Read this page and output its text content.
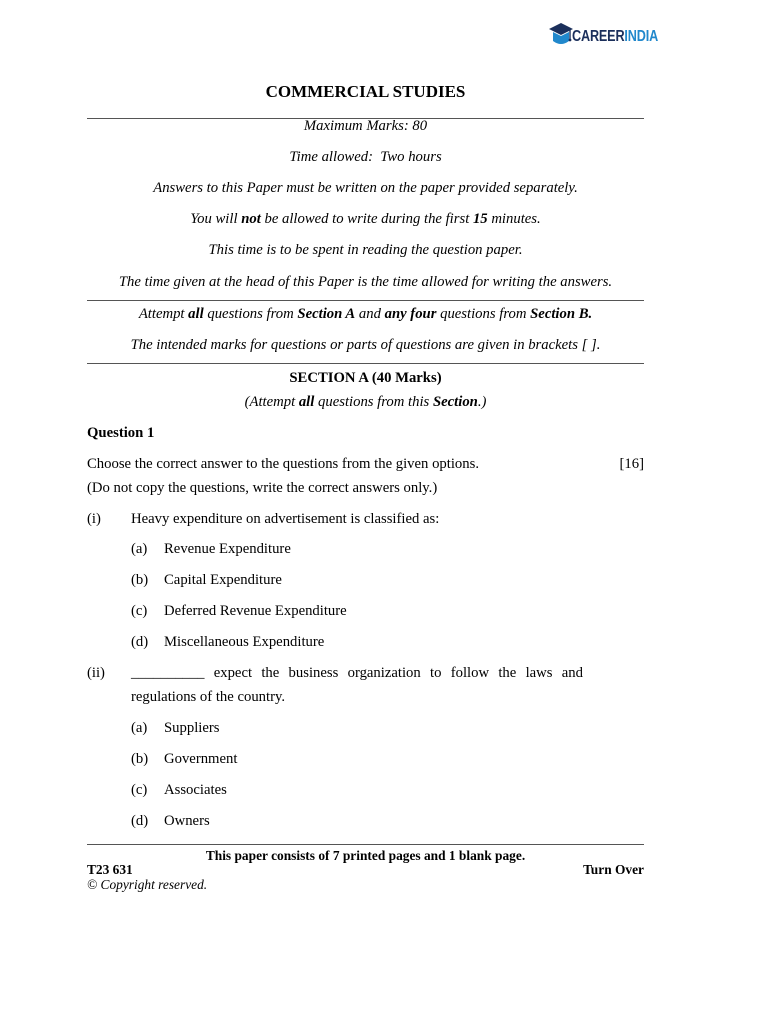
CAREERINDIA
COMMERCIAL STUDIES
Maximum Marks: 80
Time allowed:  Two hours
Answers to this Paper must be written on the paper provided separately.
You will not be allowed to write during the first 15 minutes.
This time is to be spent in reading the question paper.
The time given at the head of this Paper is the time allowed for writing the answers.
Attempt all questions from Section A and any four questions from Section B.
The intended marks for questions or parts of questions are given in brackets [ ].
SECTION A (40 Marks)
(Attempt all questions from this Section.)
Question 1
Choose the correct answer to the questions from the given options.	[16]
(Do not copy the questions, write the correct answers only.)
(i) Heavy expenditure on advertisement is classified as:
(a) Revenue Expenditure
(b) Capital Expenditure
(c) Deferred Revenue Expenditure
(d) Miscellaneous Expenditure
(ii) __________ expect the business organization to follow the laws and
regulations of the country.
(a) Suppliers
(b) Government
(c) Associates
(d) Owners
This paper consists of 7 printed pages and 1 blank page.
T23 631	Turn Over
© Copyright reserved.
